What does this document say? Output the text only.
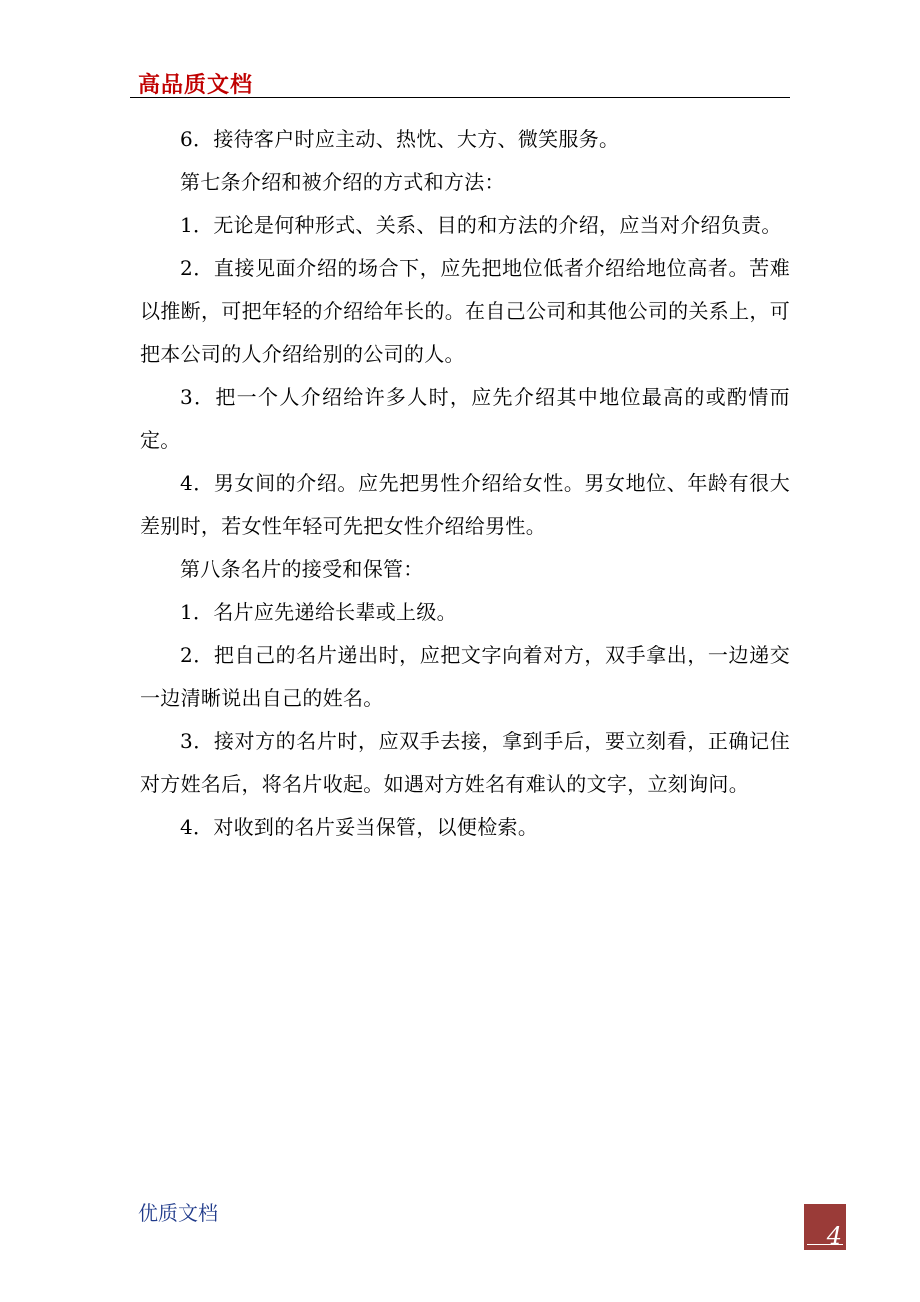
高品质文档

6．接待客户时应主动、热忱、大方、微笑服务。

第七条介绍和被介绍的方式和方法：

1．无论是何种形式、关系、目的和方法的介绍，应当对介绍负责。

2．直接见面介绍的场合下，应先把地位低者介绍给地位高者。苦难以推断，可把年轻的介绍给年长的。在自己公司和其他公司的关系上，可把本公司的人介绍给别的公司的人。

3．把一个人介绍给许多人时，应先介绍其中地位最高的或酌情而定。

4．男女间的介绍。应先把男性介绍给女性。男女地位、年龄有很大差别时，若女性年轻可先把女性介绍给男性。

第八条名片的接受和保管：

1．名片应先递给长辈或上级。

2．把自己的名片递出时，应把文字向着对方，双手拿出，一边递交一边清晰说出自己的姓名。

3．接对方的名片时，应双手去接，拿到手后，要立刻看，正确记住对方姓名后，将名片收起。如遇对方姓名有难认的文字，立刻询问。

4．对收到的名片妥当保管，以便检索。

优质文档
4
